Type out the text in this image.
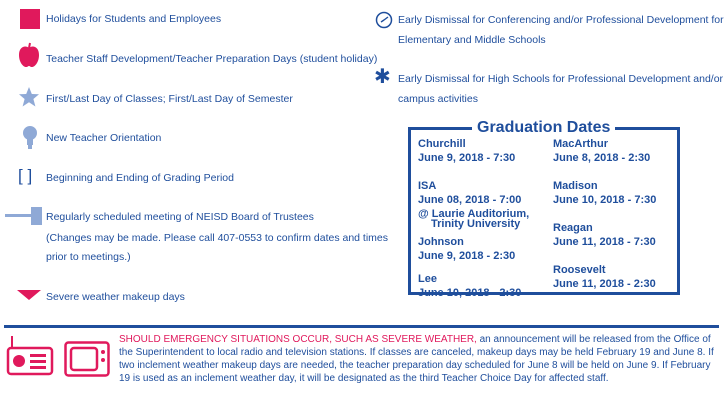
Holidays for Students and Employees
Teacher Staff Development/Teacher Preparation Days (student holiday)
First/Last Day of Classes; First/Last Day of Semester
New Teacher Orientation
[ ] Beginning and Ending of Grading Period
Regularly scheduled meeting of NEISD Board of Trustees
(Changes may be made. Please call 407-0553 to confirm dates and times
prior to meetings.)
Severe weather makeup days
Early Dismissal for Conferencing and/or Professional Development for
Elementary and Middle Schools
✱ Early Dismissal for High Schools for Professional Development and/or
campus activities
Graduation Dates
Churchill
June 9, 2018 - 7:30
ISA
June 08, 2018 - 7:00
@ Laurie Auditorium,
Trinity University
Johnson
June 9, 2018 - 2:30
Lee
June 10, 2018 - 2:30
MacArthur
June 8, 2018 - 2:30
Madison
June 10, 2018 - 7:30
Reagan
June 11, 2018 - 7:30
Roosevelt
June 11, 2018 - 2:30
SHOULD EMERGENCY SITUATIONS OCCUR, SUCH AS SEVERE WEATHER, an announcement will be released from the Office of the Superintendent to local radio and television stations. If classes are canceled, makeup days may be held February 19 and June 8. If two inclement weather makeup days are needed, the teacher preparation day scheduled for June 8 will be held on June 9. If February 19 is used as an inclement weather day, it will be designated as the third Teacher Choice Day for affected staff.
